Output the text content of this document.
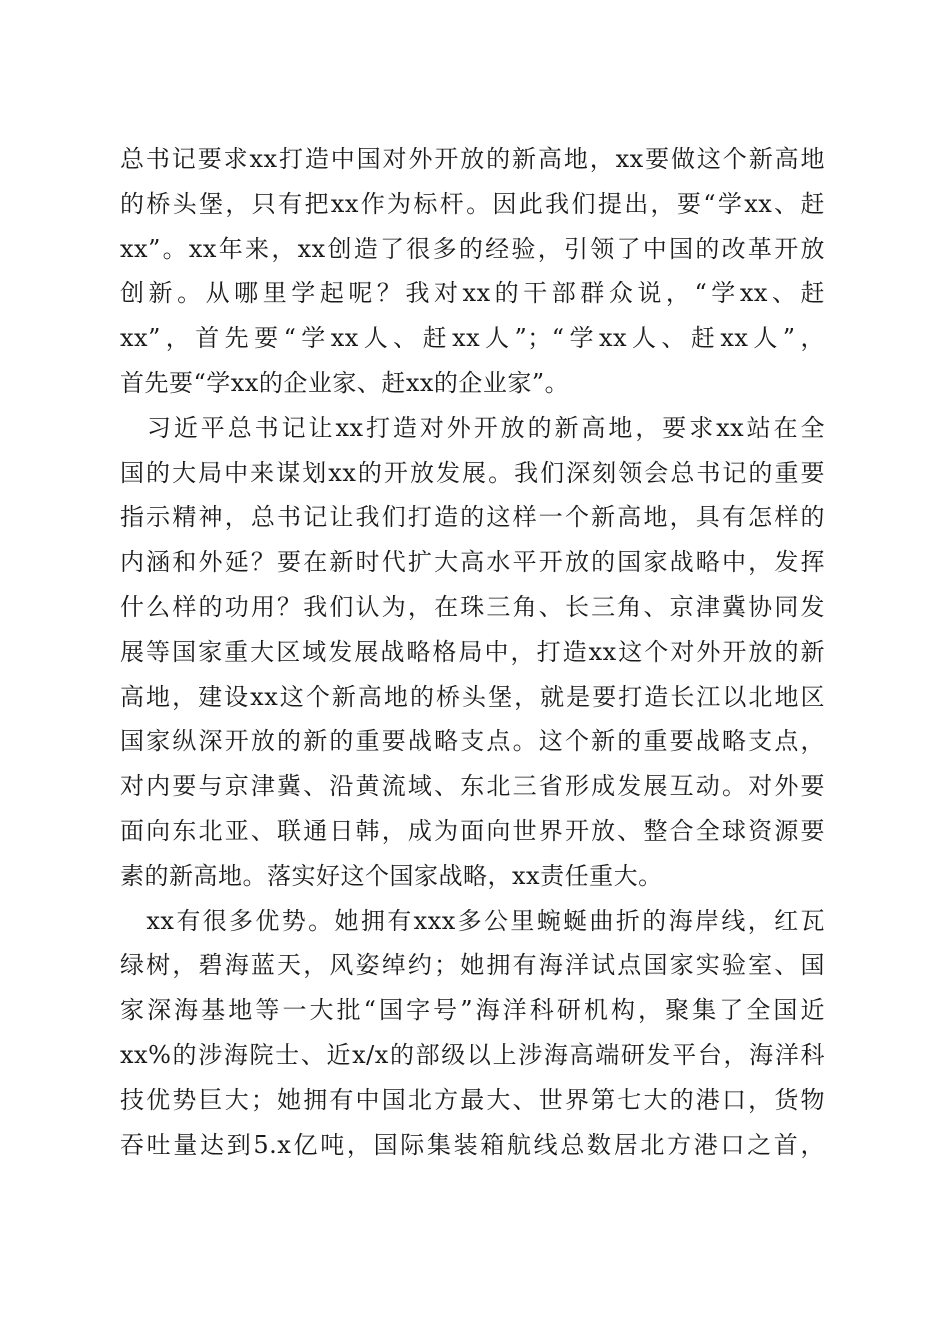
总书记要求xx打造中国对外开放的新高地，xx要做这个新高地
的桥头堡，只有把xx作为标杆。因此我们提出，要“学xx、赶
xx”。xx年来，xx创造了很多的经验，引领了中国的改革开放
创新。从哪里学起呢？我对xx的干部群众说，“学xx、赶
xx”，首先要“学xx人、赶xx人”；“学xx人、赶xx人”，
首先要“学xx的企业家、赶xx的企业家”。
　习近平总书记让xx打造对外开放的新高地，要求xx站在全
国的大局中来谋划xx的开放发展。我们深刻领会总书记的重要
指示精神，总书记让我们打造的这样一个新高地，具有怎样的
内涵和外延？要在新时代扩大高水平开放的国家战略中，发挥
什么样的功用？我们认为，在珠三角、长三角、京津冀协同发
展等国家重大区域发展战略格局中，打造xx这个对外开放的新
高地，建设xx这个新高地的桥头堡，就是要打造长江以北地区
国家纵深开放的新的重要战略支点。这个新的重要战略支点，
对内要与京津冀、沿黄流域、东北三省形成发展互动。对外要
面向东北亚、联通日韩，成为面向世界开放、整合全球资源要
素的新高地。落实好这个国家战略，xx责任重大。
　xx有很多优势。她拥有xxx多公里蜿蜒曲折的海岸线，红瓦
绿树，碧海蓝天，风姿绰约；她拥有海洋试点国家实验室、国
家深海基地等一大批“国字号”海洋科研机构，聚集了全国近
xx%的涉海院士、近x/x的部级以上涉海高端研发平台，海洋科
技优势巨大；她拥有中国北方最大、世界第七大的港口，货物
吞吐量达到5.x亿吨，国际集装箱航线总数居北方港口之首，
